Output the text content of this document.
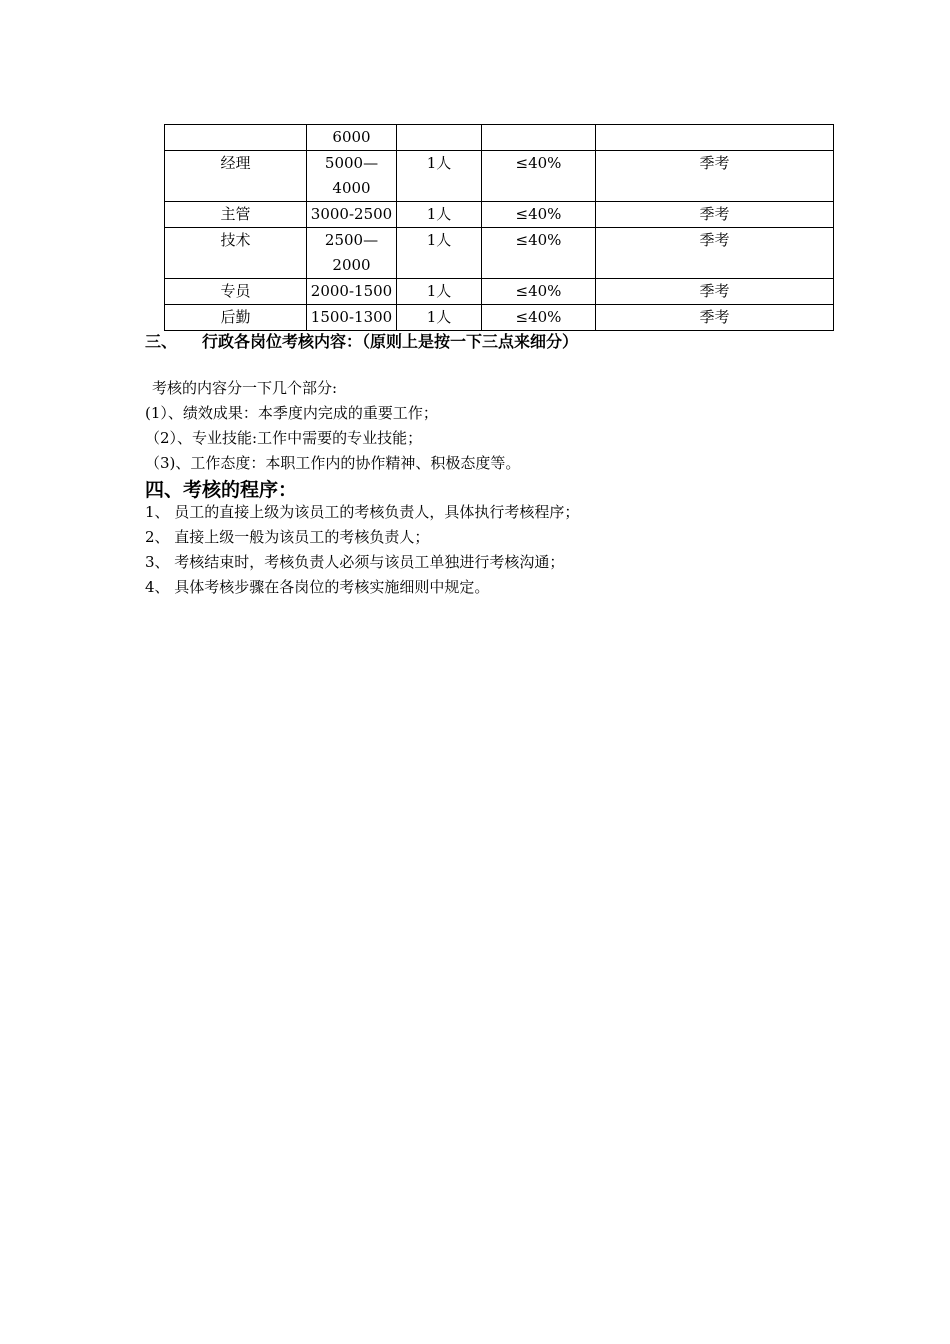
	6000			
经理	5000—4000	1人	≤40%	季考
主管	3000-2500	1人	≤40%	季考
技术	2500—2000	1人	≤40%	季考
专员	2000-1500	1人	≤40%	季考
后勤	1500-1300	1人	≤40%	季考
三、 行政各岗位考核内容：（原则上是按一下三点来细分）
考核的内容分一下几个部分:
(1）、绩效成果：本季度内完成的重要工作；
（2）、专业技能:工作中需要的专业技能；
（3)、工作态度：本职工作内的协作精神、积极态度等。
四、考核的程序：
1、 员工的直接上级为该员工的考核负责人，具体执行考核程序；
2、 直接上级一般为该员工的考核负责人；
3、 考核结束时，考核负责人必须与该员工单独进行考核沟通；
4、 具体考核步骤在各岗位的考核实施细则中规定。
